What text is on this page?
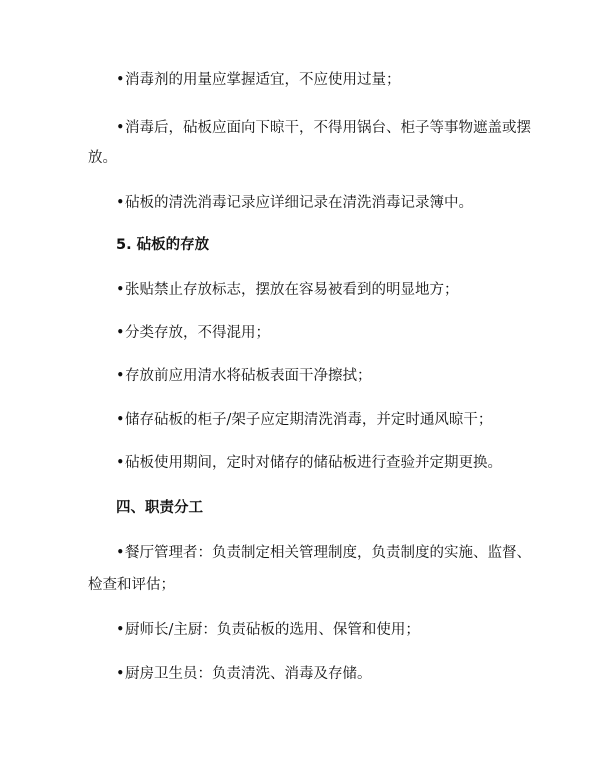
•消毒剂的用量应掌握适宜，不应使用过量；
•消毒后，砧板应面向下晾干，不得用锅台、柜子等事物遮盖或摆
放。
•砧板的清洗消毒记录应详细记录在清洗消毒记录簿中。
5. 砧板的存放
•张贴禁止存放标志，摆放在容易被看到的明显地方；
•分类存放，不得混用；
•存放前应用清水将砧板表面干净擦拭；
•储存砧板的柜子/架子应定期清洗消毒，并定时通风晾干；
•砧板使用期间，定时对储存的储砧板进行查验并定期更换。
四、职责分工
•餐厅管理者：负责制定相关管理制度，负责制度的实施、监督、
检查和评估；
•厨师长/主厨：负责砧板的选用、保管和使用；
•厨房卫生员：负责清洗、消毒及存储。
